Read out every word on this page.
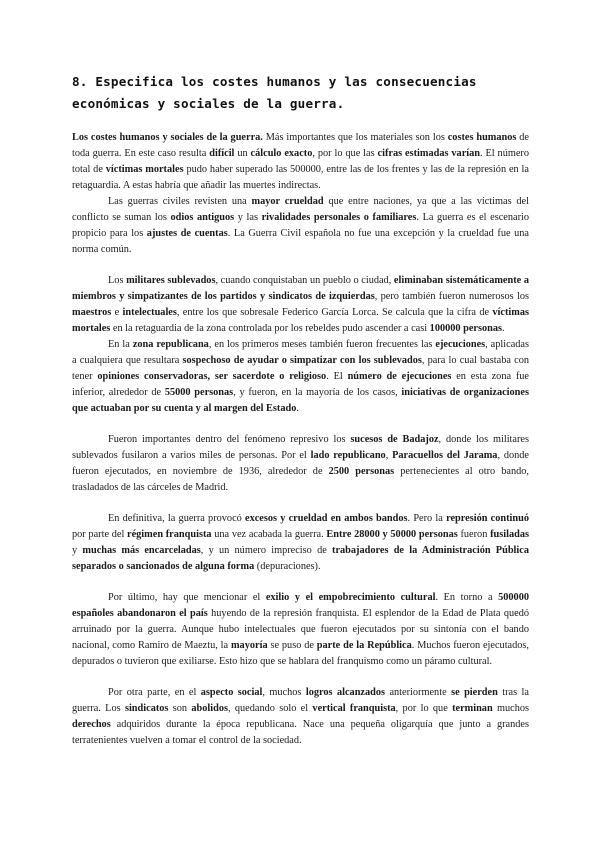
8. Especifica los costes humanos y las consecuencias económicas y sociales de la guerra.

Los costes humanos y sociales de la guerra. Más importantes que los materiales son los costes humanos de toda guerra. En este caso resulta difícil un cálculo exacto, por lo que las cifras estimadas varían. El número total de víctimas mortales pudo haber superado las 500000, entre las de los frentes y las de la represión en la retaguardia. A estas habría que añadir las muertes indirectas.

Las guerras civiles revisten una mayor crueldad que entre naciones, ya que a las víctimas del conflicto se suman los odios antiguos y las rivalidades personales o familiares. La guerra es el escenario propicio para los ajustes de cuentas. La Guerra Civil española no fue una excepción y la crueldad fue una norma común.

Los militares sublevados, cuando conquistaban un pueblo o ciudad, eliminaban sistemáticamente a miembros y simpatizantes de los partidos y sindicatos de izquierdas, pero también fueron numerosos los maestros e intelectuales, entre los que sobresale Federico García Lorca. Se calcula que la cifra de víctimas mortales en la retaguardia de la zona controlada por los rebeldes pudo ascender a casi 100000 personas.

En la zona republicana, en los primeros meses también fueron frecuentes las ejecuciones, aplicadas a cualquiera que resultara sospechoso de ayudar o simpatizar con los sublevados, para lo cual bastaba con tener opiniones conservadoras, ser sacerdote o religioso. El número de ejecuciones en esta zona fue inferior, alrededor de 55000 personas, y fueron, en la mayoría de los casos, iniciativas de organizaciones que actuaban por su cuenta y al margen del Estado.

Fueron importantes dentro del fenómeno represivo los sucesos de Badajoz, donde los militares sublevados fusilaron a varios miles de personas. Por el lado republicano, Paracuellos del Jarama, donde fueron ejecutados, en noviembre de 1936, alrededor de 2500 personas pertenecientes al otro bando, trasladados de las cárceles de Madrid.

En definitiva, la guerra provocó excesos y crueldad en ambos bandos. Pero la represión continuó por parte del régimen franquista una vez acabada la guerra. Entre 28000 y 50000 personas fueron fusiladas y muchas más encarceladas, y un número impreciso de trabajadores de la Administración Pública separados o sancionados de alguna forma (depuraciones).

Por último, hay que mencionar el exilio y el empobrecimiento cultural. En torno a 500000 españoles abandonaron el país huyendo de la represión franquista. El esplendor de la Edad de Plata quedó arruinado por la guerra. Aunque hubo intelectuales que fueron ejecutados por su sintonía con el bando nacional, como Ramiro de Maeztu, la mayoría se puso de parte de la República. Muchos fueron ejecutados, depurados o tuvieron que exiliarse. Esto hizo que se hablara del franquismo como un páramo cultural.

Por otra parte, en el aspecto social, muchos logros alcanzados anteriormente se pierden tras la guerra. Los sindicatos son abolidos, quedando solo el vertical franquista, por lo que terminan muchos derechos adquiridos durante la época republicana. Nace una pequeña oligarquía que junto a grandes terratenientes vuelven a tomar el control de la sociedad.
